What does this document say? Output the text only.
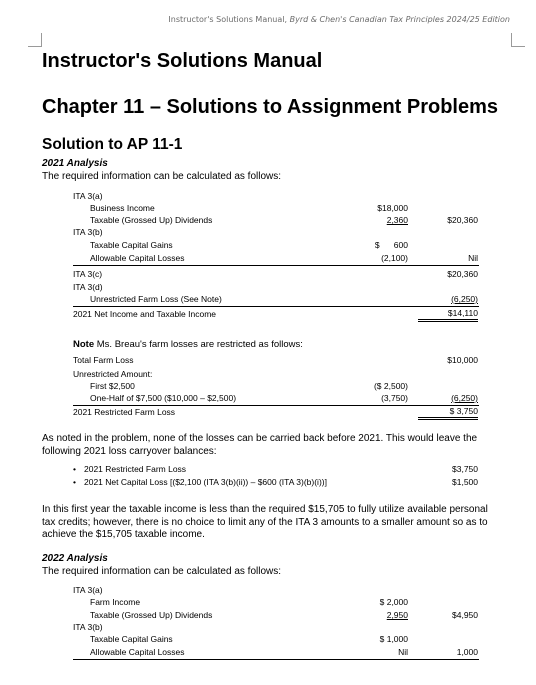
Instructor's Solutions Manual, Byrd & Chen's Canadian Tax Principles 2024/25 Edition
Instructor's Solutions Manual
Chapter 11 – Solutions to Assignment Problems
Solution to AP 11-1
2021 Analysis
The required information can be calculated as follows:
ITA 3(a)
Business Income	$18,000
Taxable (Grossed Up) Dividends	2,360	$20,360
ITA 3(b)
Taxable Capital Gains	$      600
Allowable Capital Losses	(2,100)	Nil
ITA 3(c)	$20,360
ITA 3(d)
Unrestricted Farm Loss (See Note)	(6,250)
2021 Net Income and Taxable Income	$14,110
Note Ms. Breau's farm losses are restricted as follows:
Total Farm Loss	$10,000
Unrestricted Amount:
First $2,500	($ 2,500)
One-Half of $7,500 ($10,000 – $2,500)	(3,750)	(6,250)
2021 Restricted Farm Loss	$ 3,750
As noted in the problem, none of the losses can be carried back before 2021. This would leave the following 2021 loss carryover balances:
• 2021 Restricted Farm Loss	$3,750
• 2021 Net Capital Loss [($2,100 (ITA 3(b)(ii)) – $600 (ITA 3)(b)(i))]	$1,500
In this first year the taxable income is less than the required $15,705 to fully utilize available personal tax credits; however, there is no choice to limit any of the ITA 3 amounts to a smaller amount so as to achieve the $15,705 taxable income.
2022 Analysis
The required information can be calculated as follows:
ITA 3(a)
Farm Income	$ 2,000
Taxable (Grossed Up) Dividends	2,950	$4,950
ITA 3(b)
Taxable Capital Gains	$ 1,000
Allowable Capital Losses	Nil	1,000
